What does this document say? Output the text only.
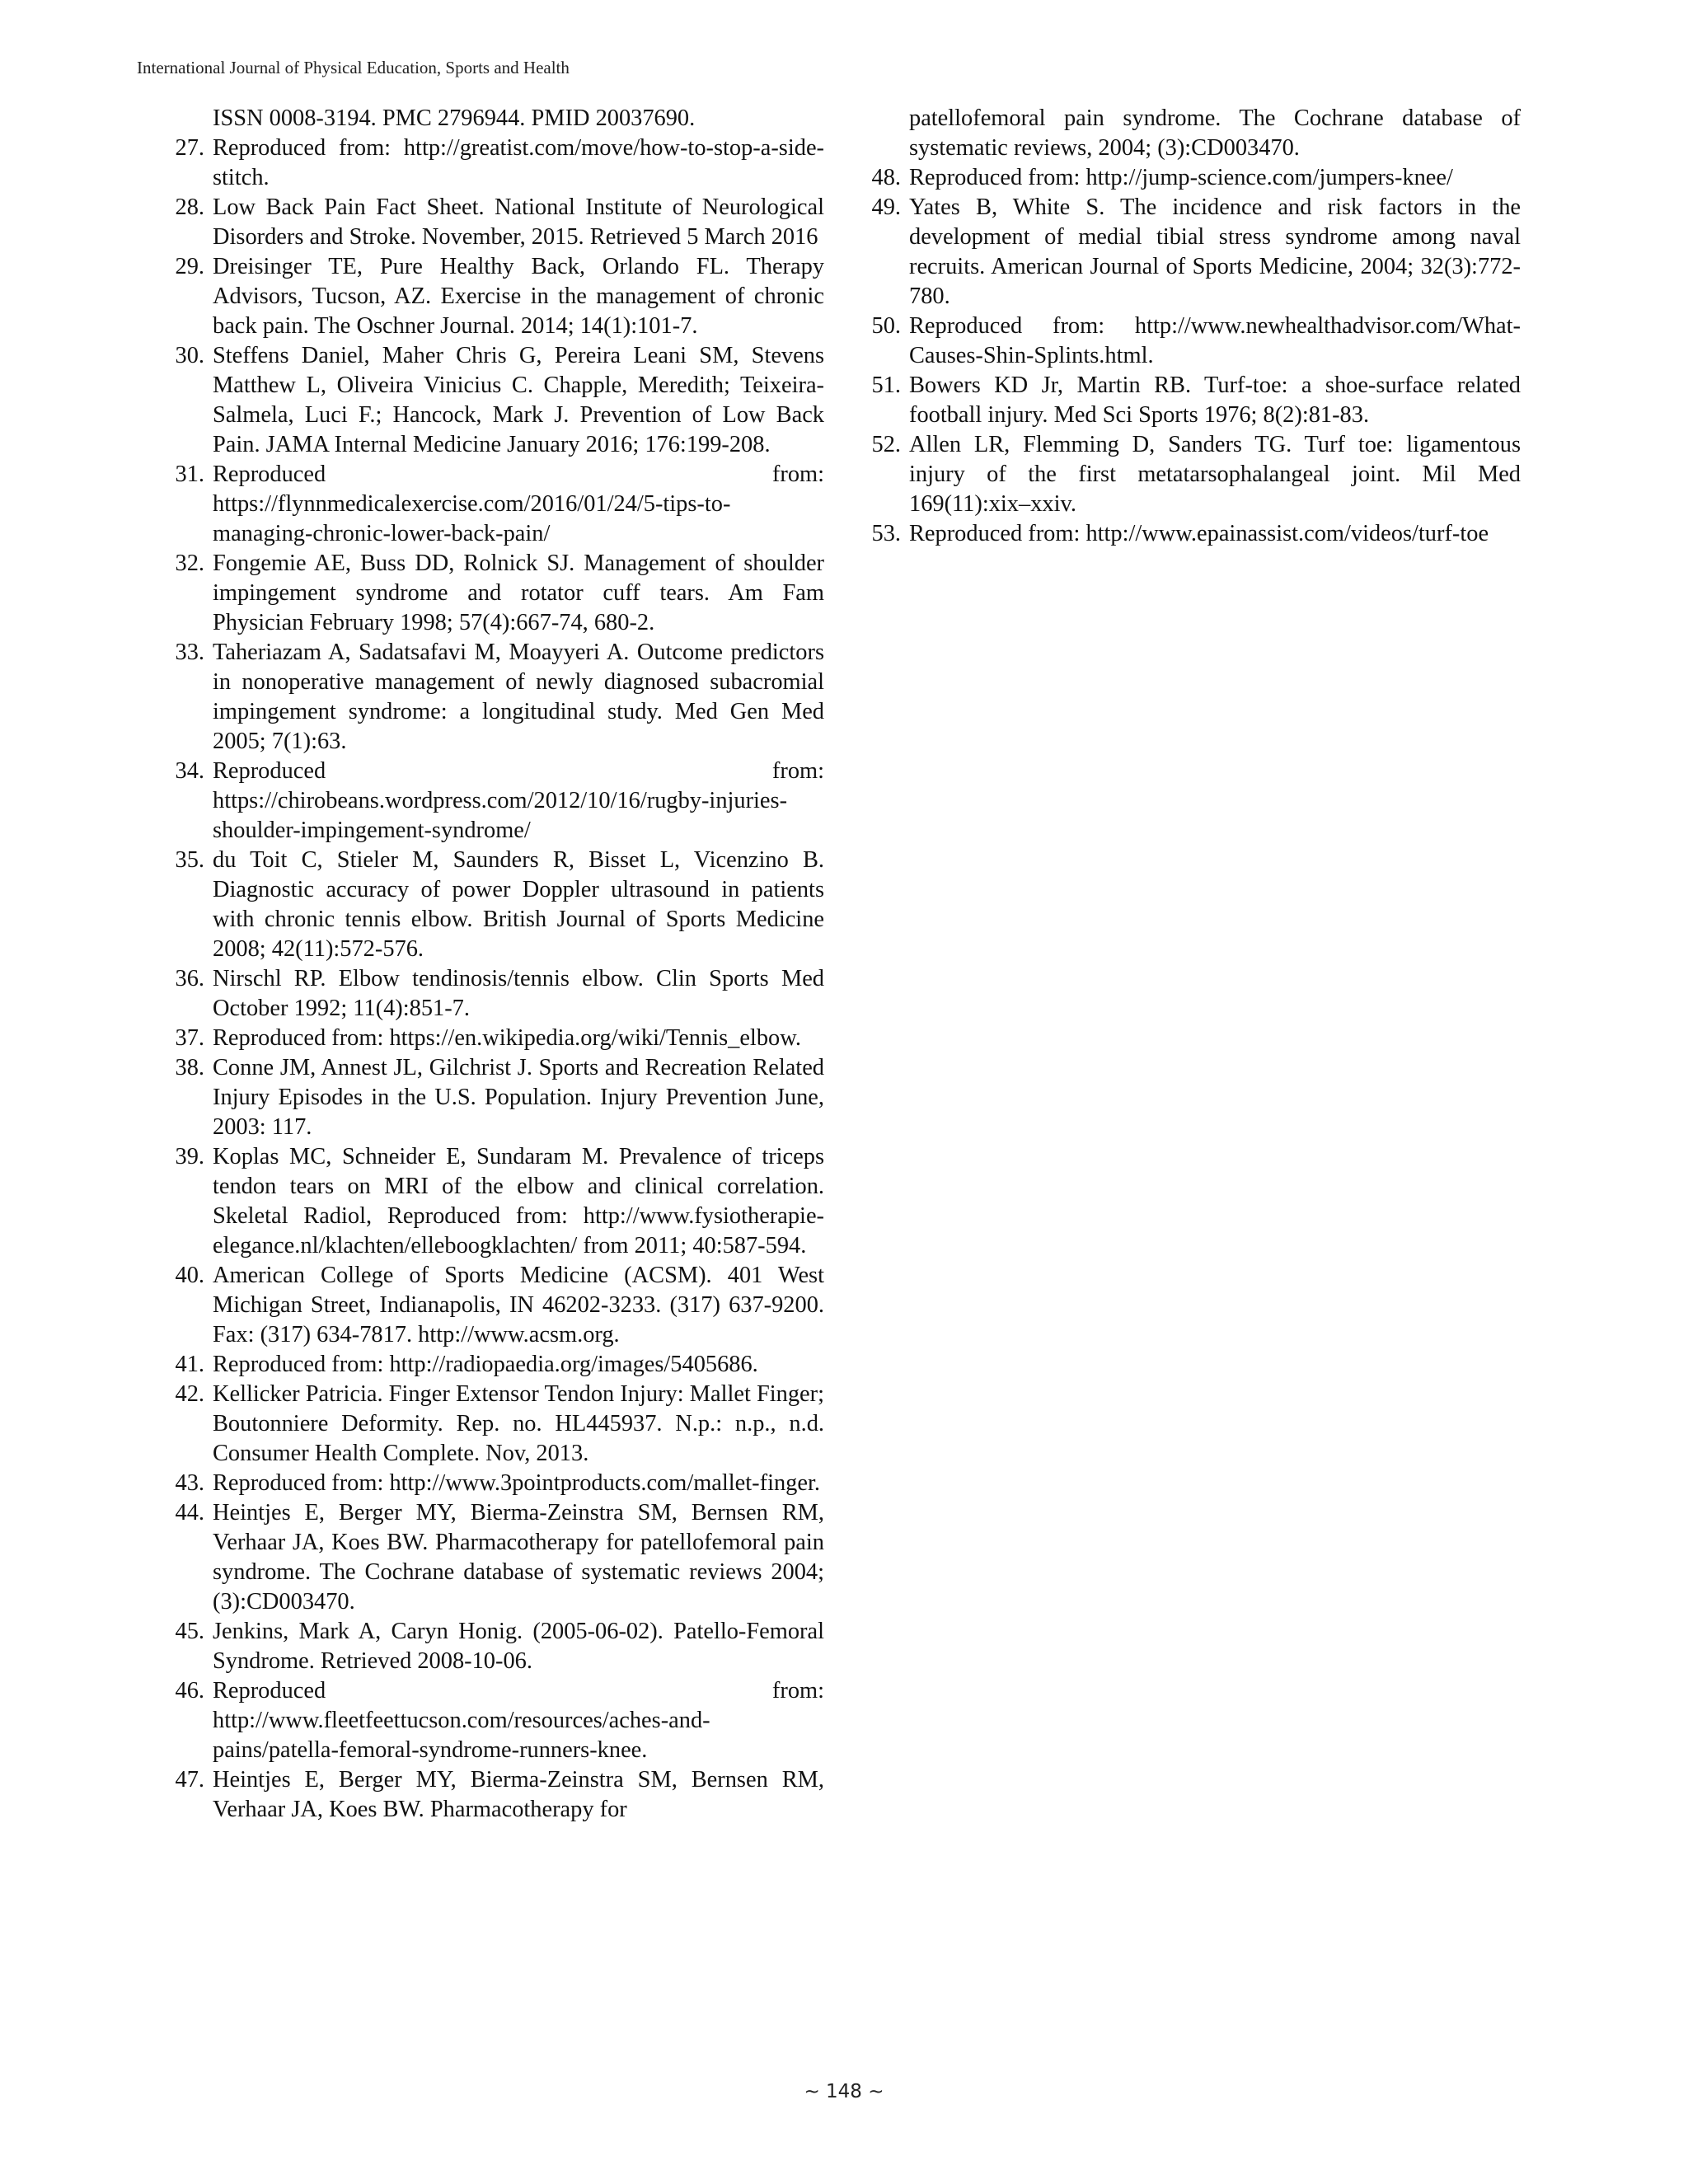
International Journal of Physical Education, Sports and Health
ISSN 0008-3194. PMC 2796944. PMID 20037690.
27. Reproduced from: http://greatist.com/move/how-to-stop-a-side-stitch.
28. Low Back Pain Fact Sheet. National Institute of Neurological Disorders and Stroke. November, 2015. Retrieved 5 March 2016
29. Dreisinger TE, Pure Healthy Back, Orlando FL. Therapy Advisors, Tucson, AZ. Exercise in the management of chronic back pain. The Oschner Journal. 2014; 14(1):101-7.
30. Steffens Daniel, Maher Chris G, Pereira Leani SM, Stevens Matthew L, Oliveira Vinicius C. Chapple, Meredith; Teixeira-Salmela, Luci F.; Hancock, Mark J. Prevention of Low Back Pain. JAMA Internal Medicine January 2016; 176:199-208.
31. Reproduced from: https://flynnmedicalexercise.com/2016/01/24/5-tips-to-managing-chronic-lower-back-pain/
32. Fongemie AE, Buss DD, Rolnick SJ. Management of shoulder impingement syndrome and rotator cuff tears. Am Fam Physician February 1998; 57(4):667-74, 680-2.
33. Taheriazam A, Sadatsafavi M, Moayyeri A. Outcome predictors in nonoperative management of newly diagnosed subacromial impingement syndrome: a longitudinal study. Med Gen Med 2005; 7(1):63.
34. Reproduced from: https://chirobeans.wordpress.com/2012/10/16/rugby-injuries-shoulder-impingement-syndrome/
35. du Toit C, Stieler M, Saunders R, Bisset L, Vicenzino B. Diagnostic accuracy of power Doppler ultrasound in patients with chronic tennis elbow. British Journal of Sports Medicine 2008; 42(11):572-576.
36. Nirschl RP. Elbow tendinosis/tennis elbow. Clin Sports Med October 1992; 11(4):851-7.
37. Reproduced from: https://en.wikipedia.org/wiki/Tennis_elbow.
38. Conne JM, Annest JL, Gilchrist J. Sports and Recreation Related Injury Episodes in the U.S. Population. Injury Prevention June, 2003: 117.
39. Koplas MC, Schneider E, Sundaram M. Prevalence of triceps tendon tears on MRI of the elbow and clinical correlation. Skeletal Radiol, Reproduced from: http://www.fysiotherapie-elegance.nl/klachten/elleboogklachten/ from 2011; 40:587-594.
40. American College of Sports Medicine (ACSM). 401 West Michigan Street, Indianapolis, IN 46202-3233. (317) 637-9200. Fax: (317) 634-7817. http://www.acsm.org.
41. Reproduced from: http://radiopaedia.org/images/5405686.
42. Kellicker Patricia. Finger Extensor Tendon Injury: Mallet Finger; Boutonniere Deformity. Rep. no. HL445937. N.p.: n.p., n.d. Consumer Health Complete. Nov, 2013.
43. Reproduced from: http://www.3pointproducts.com/mallet-finger.
44. Heintjes E, Berger MY, Bierma-Zeinstra SM, Bernsen RM, Verhaar JA, Koes BW. Pharmacotherapy for patellofemoral pain syndrome. The Cochrane database of systematic reviews 2004; (3):CD003470.
45. Jenkins, Mark A, Caryn Honig. (2005-06-02). Patello-Femoral Syndrome. Retrieved 2008-10-06.
46. Reproduced from: http://www.fleetfeettucson.com/resources/aches-and-pains/patella-femoral-syndrome-runners-knee.
47. Heintjes E, Berger MY, Bierma-Zeinstra SM, Bernsen RM, Verhaar JA, Koes BW. Pharmacotherapy for
patellofemoral pain syndrome. The Cochrane database of systematic reviews, 2004; (3):CD003470.
48. Reproduced from: http://jump-science.com/jumpers-knee/
49. Yates B, White S. The incidence and risk factors in the development of medial tibial stress syndrome among naval recruits. American Journal of Sports Medicine, 2004; 32(3):772-780.
50. Reproduced from: http://www.newhealthadvisor.com/What-Causes-Shin-Splints.html.
51. Bowers KD Jr, Martin RB. Turf-toe: a shoe-surface related football injury. Med Sci Sports 1976; 8(2):81-83.
52. Allen LR, Flemming D, Sanders TG. Turf toe: ligamentous injury of the first metatarsophalangeal joint. Mil Med 169(11):xix–xxiv.
53. Reproduced from: http://www.epainassist.com/videos/turf-toe
~ 148 ~
